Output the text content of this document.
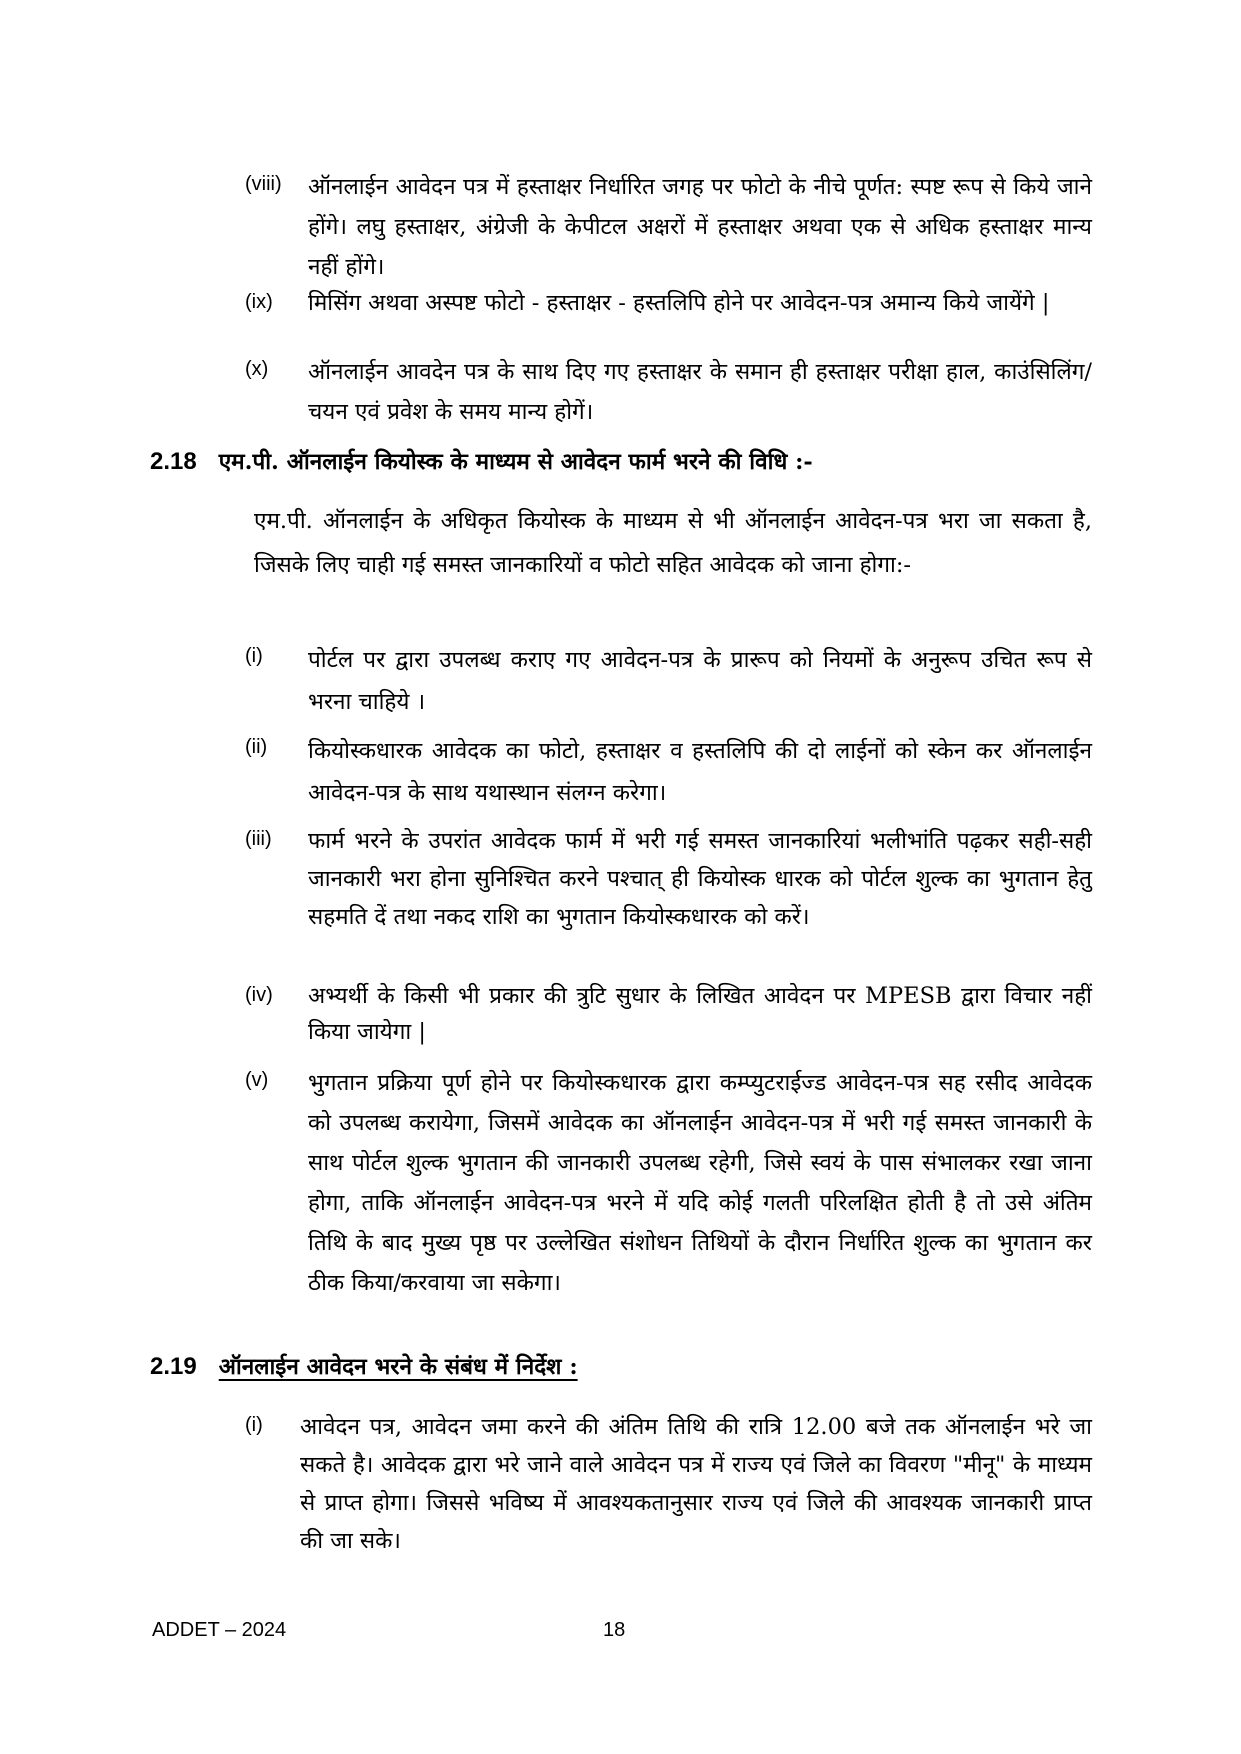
(viii) ऑनलाईन आवेदन पत्र में हस्ताक्षर निर्धारित जगह पर फोटो के नीचे पूर्णत: स्पष्ट रूप से किये जाने होंगे। लघु हस्ताक्षर, अंग्रेजी के केपीटल अक्षरों में हस्ताक्षर अथवा एक से अधिक हस्ताक्षर मान्य नहीं होंगे।
(ix) मिसिंग अथवा अस्पष्ट फोटो - हस्ताक्षर - हस्तलिपि होने पर आवेदन-पत्र अमान्य किये जायेंगे |
(x) ऑनलाईन आवदेन पत्र के साथ दिए गए हस्ताक्षर के समान ही हस्ताक्षर परीक्षा हाल, काउंसिलिंग/चयन एवं प्रवेश के समय मान्य होगें।
2.18 एम.पी. ऑनलाईन कियोस्क के माध्यम से आवेदन फार्म भरने की विधि :-
एम.पी. ऑनलाईन के अधिकृत कियोस्क के माध्यम से भी ऑनलाईन आवेदन-पत्र भरा जा सकता है, जिसके लिए चाही गई समस्त जानकारियों व फोटो सहित आवेदक को जाना होगा:-
(i) पोर्टल पर द्वारा उपलब्ध कराए गए आवेदन-पत्र के प्रारूप को नियमों के अनुरूप उचित रूप से भरना चाहिये ।
(ii) कियोस्कधारक आवेदक का फोटो, हस्ताक्षर व हस्तलिपि की दो लाईनों को स्केन कर ऑनलाईन आवेदन-पत्र के साथ यथास्थान संलग्न करेगा।
(iii) फार्म भरने के उपरांत आवेदक फार्म में भरी गई समस्त जानकारियां भलीभांति पढ़कर सही-सही जानकारी भरा होना सुनिश्चित करने पश्चात् ही कियोस्क धारक को पोर्टल शुल्क का भुगतान हेतु सहमति दें तथा नकद राशि का भुगतान कियोस्कधारक को करें।
(iv) अभ्यर्थी के किसी भी प्रकार की त्रुटि सुधार के लिखित आवेदन पर MPESB द्वारा विचार नहीं किया जायेगा |
(v) भुगतान प्रक्रिया पूर्ण होने पर कियोस्कधारक द्वारा कम्प्युटराईज्ड आवेदन-पत्र सह रसीद आवेदक को उपलब्ध करायेगा, जिसमें आवेदक का ऑनलाईन आवेदन-पत्र में भरी गई समस्त जानकारी के साथ पोर्टल शुल्क भुगतान की जानकारी उपलब्ध रहेगी, जिसे स्वयं के पास संभालकर रखा जाना होगा, ताकि ऑनलाईन आवेदन-पत्र भरने में यदि कोई गलती परिलक्षित होती है तो उसे अंतिम तिथि के बाद मुख्य पृष्ठ पर उल्लेखित संशोधन तिथियों के दौरान निर्धारित शुल्क का भुगतान कर ठीक किया/करवाया जा सकेगा।
2.19 ऑनलाईन आवेदन भरने के संबंध में निर्देश :
(i) आवेदन पत्र, आवेदन जमा करने की अंतिम तिथि की रात्रि 12.00 बजे तक ऑनलाईन भरे जा सकते है। आवेदक द्वारा भरे जाने वाले आवेदन पत्र में राज्य एवं जिले का विवरण "मीनू" के माध्यम से प्राप्त होगा। जिससे भविष्य में आवश्यकतानुसार राज्य एवं जिले की आवश्यक जानकारी प्राप्त की जा सके।
ADDET – 2024	18
